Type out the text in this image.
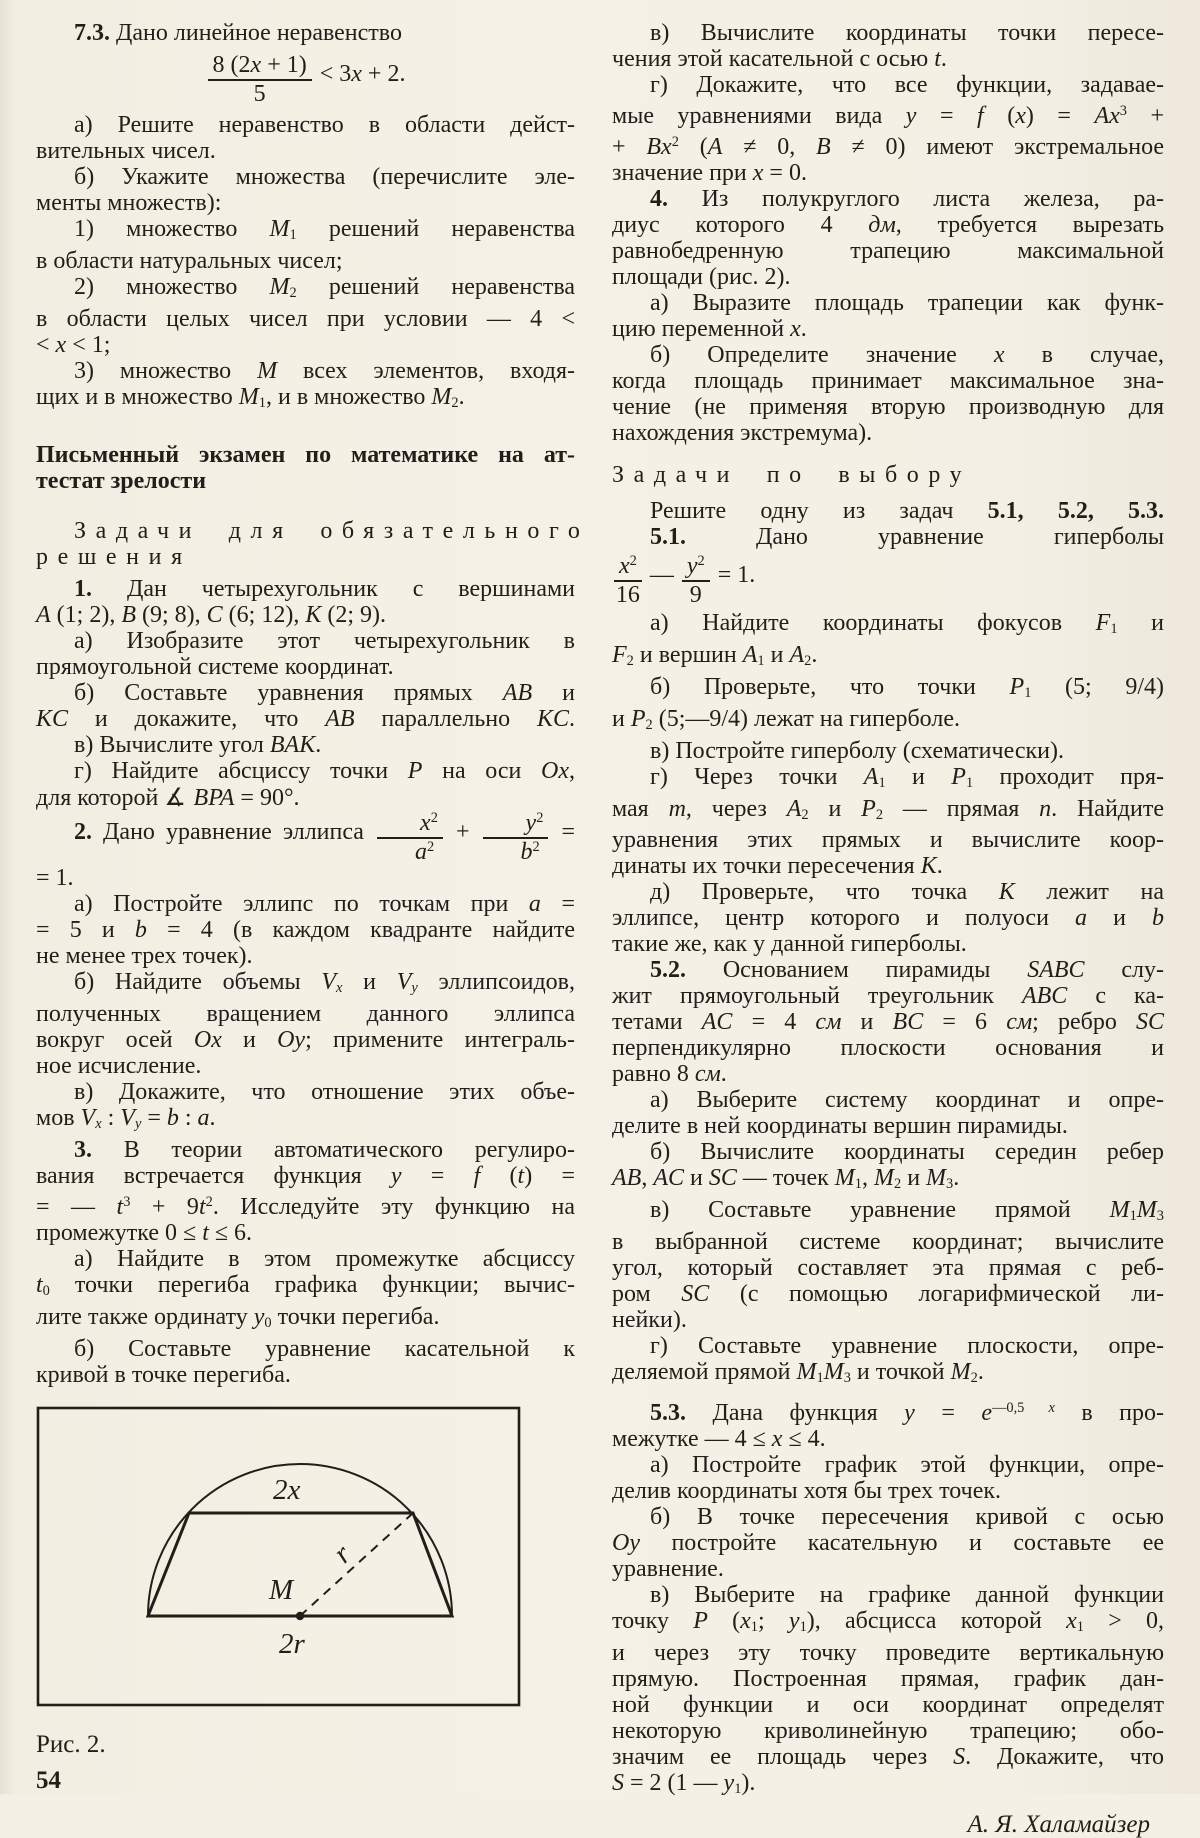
7.3. Дано линейное неравенство
$\frac{8 (2x + 1)}{5} < 3x + 2$.
а) Решите неравенство в области дейст-
вительных чисел.
б) Укажите множества (перечислите эле-
менты множеств):
1) множество M1 решений неравенства
в области натуральных чисел;
2) множество M2 решений неравенства
в области целых чисел при условии — 4 <
< x < 1;
3) множество M всех элементов, входя-
щих и в множество M1, и в множество M2.
Письменный экзамен по математике на ат-
тестат зрелости
Задачи для обязательного
решения
1. Дан четырехугольник с вершинами
A (1; 2), B (9; 8), C (6; 12), K (2; 9).
а) Изобразите этот четырехугольник в
прямоугольной системе координат.
б) Составьте уравнения прямых AB и
KC и докажите, что AB параллельно KC.
в) Вычислите угол BAK.
г) Найдите абсциссу точки P на оси Ox,
для которой ∡ BPA = 90°.
2. Дано уравнение эллипса $\frac{x^2}{a^2} + \frac{y^2}{b^2}$ =
= 1.
а) Постройте эллипс по точкам при a =
= 5 и b = 4 (в каждом квадранте найдите
не менее трех точек).
б) Найдите объемы Vx и Vy эллипсоидов,
полученных вращением данного эллипса
вокруг осей Ox и Oy; примените интеграль-
ное исчисление.
в) Докажите, что отношение этих объе-
мов Vx : Vy = b : a.
3. В теории автоматического регулиро-
вания встречается функция y = f (t) =
= — $t^3 + 9t^2$. Исследуйте эту функцию на
промежутке 0 ≤ t ≤ 6.
а) Найдите в этом промежутке абсциссу
t0 точки перегиба графика функции; вычис-
лите также ординату y0 точки перегиба.
б) Составьте уравнение касательной к
кривой в точке перегиба.
2x
r
M
2r
Рис. 2.
54
в) Вычислите координаты точки пересе-
чения этой касательной с осью t.
г) Докажите, что все функции, задавае-
мые уравнениями вида y = f $(x) = Ax^3$ +
+ $Bx^2$ (A ≠ 0, B ≠ 0) имеют экстремальное
значение при x = 0.
4. Из полукруглого листа железа, ра-
диус которого 4 дм, требуется вырезать
равнобедренную трапецию максимальной
площади (рис. 2).
а) Выразите площадь трапеции как функ-
цию переменной x.
б) Определите значение x в случае,
когда площадь принимает максимальное зна-
чение (не применяя вторую производную для
нахождения экстремума).
Задачи по выбору
Решите одну из задач 5.1, 5.2, 5.3.
5.1. Дано уравнение гиперболы
$\frac{x^2}{16}$ — $\frac{y^2}{9} = 1$.
а) Найдите координаты фокусов F1 и
F2 и вершин A1 и A2.
б) Проверьте, что точки P1 (5; 9/4)
и P2 (5;—9/4) лежат на гиперболе.
в) Постройте гиперболу (схематически).
г) Через точки A1 и P1 проходит пря-
мая m, через A2 и P2 — прямая n. Найдите
уравнения этих прямых и вычислите коор-
динаты их точки пересечения K.
д) Проверьте, что точка K лежит на
эллипсе, центр которого и полуоси a и b
такие же, как у данной гиперболы.
5.2. Основанием пирамиды SABC слу-
жит прямоугольный треугольник ABC с ка-
тетами AC = 4 см и BC = 6 см; ребро SC
перпендикулярно плоскости основания и
равно 8 см.
а) Выберите систему координат и опре-
делите в ней координаты вершин пирамиды.
б) Вычислите координаты середин ребер
AB, AC и SC — точек M1, M2 и M3.
в) Составьте уравнение прямой M1M3
в выбранной системе координат; вычислите
угол, который составляет эта прямая с реб-
ром SC (с помощью логарифмической ли-
нейки).
г) Составьте уравнение плоскости, опре-
деляемой прямой M1M3 и точкой M2.
5.3. Дана функция $y = e^{—0,5 x}$ в про-
межутке — 4 ≤ x ≤ 4.
а) Постройте график этой функции, опре-
делив координаты хотя бы трех точек.
б) В точке пересечения кривой с осью
Oy постройте касательную и составьте ее
уравнение.
в) Выберите на графике данной функции
точку P (x1; y1), абсцисса которой x1 > 0,
и через эту точку проведите вертикальную
прямую. Построенная прямая, график дан-
ной функции и оси координат определят
некоторую криволинейную трапецию; обо-
значим ее площадь через S. Докажите, что
S = 2 (1 — y1).
А. Я. Халамайзер
